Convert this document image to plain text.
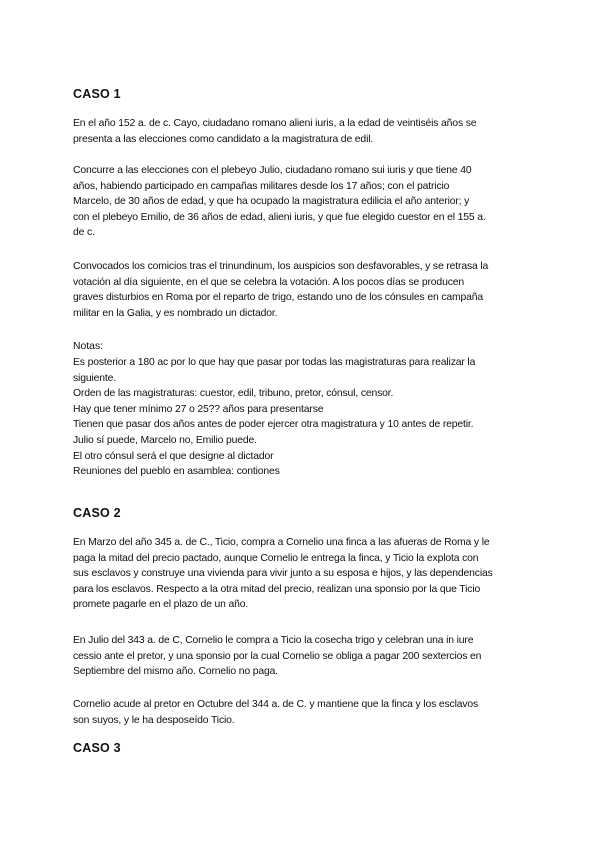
CASO 1
En el año 152 a. de c. Cayo, ciudadano romano alieni iuris, a la edad de veintiséis años se
presenta a las elecciones como candidato a la magistratura de edil.
Concurre a las elecciones con el plebeyo Julio, ciudadano romano sui iuris y que tiene 40
años, habiendo participado en campañas militares desde los 17 años; con el patricio
Marcelo, de 30 años de edad, y que ha ocupado la magistratura edilicia el año anterior; y
con el plebeyo Emilio, de 36 años de edad, alieni iuris, y que fue elegido cuestor en el 155 a.
de c.
Convocados los comicios tras el trinundinum, los auspicios son desfavorables, y se retrasa la
votación al día siguiente, en el que se celebra la votación. A los pocos días se producen
graves disturbios en Roma por el reparto de trigo, estando uno de los cónsules en campaña
militar en la Galia, y es nombrado un dictador.
Notas:
Es posterior a 180 ac por lo que hay que pasar por todas las magistraturas para realizar la
siguiente.
Orden de las magistraturas: cuestor, edil, tribuno, pretor, cónsul, censor.
Hay que tener mínimo 27 o 25?? años para presentarse
Tienen que pasar dos años antes de poder ejercer otra magistratura y 10 antes de repetir.
Julio sí puede, Marcelo no, Emilio puede.
El otro cónsul será el que designe al dictador
Reuniones del pueblo en asamblea: contiones
CASO 2
En Marzo del año 345 a. de C., Ticio, compra a Cornelio una finca a las afueras de Roma y le
paga la mitad del precio pactado, aunque Cornelio le entrega la finca, y Ticio la explota con
sus esclavos y construye una vivienda para vivir junto a su esposa e hijos, y las dependencias
para los esclavos. Respecto a la otra mitad del precio, realizan una sponsio por la que Ticio
promete pagarle en el plazo de un año.
En Julio del 343 a. de C, Cornelio le compra a Ticio la cosecha trigo y celebran una in iure
cessio ante el pretor, y una sponsio por la cual Cornelio se obliga a pagar 200 sextercios en
Septiembre del mismo año. Cornelio no paga.
Cornelio acude al pretor en Octubre del 344 a. de C. y mantiene que la finca y los esclavos
son suyos, y le ha desposeído Ticio.
CASO 3
